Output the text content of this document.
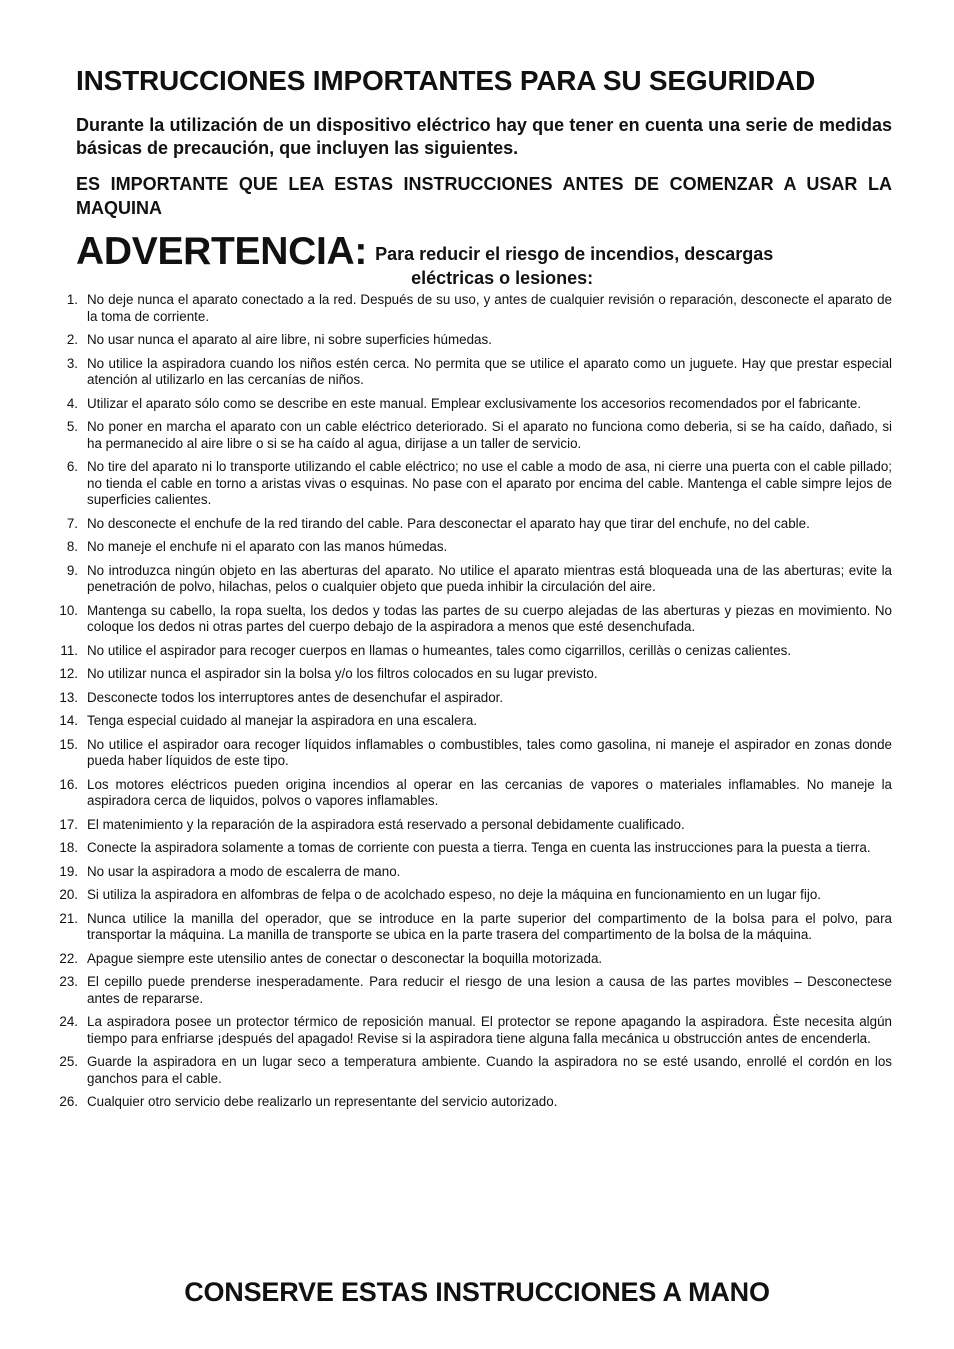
INSTRUCCIONES IMPORTANTES PARA SU SEGURIDAD

Durante la utilización de un dispositivo eléctrico hay que tener en cuenta una serie de medidas básicas de precaución, que incluyen las siguientes.

ES IMPORTANTE QUE LEA ESTAS INSTRUCCIONES ANTES DE COMENZAR A USAR LA MAQUINA

ADVERTENCIA: Para reducir el riesgo de incendios, descargas
eléctricas o lesiones:
1. No deje nunca el aparato conectado a la red. Después de su uso, y antes de cualquier revisión o reparación, desconecte el aparato de la toma de corriente.
2. No usar nunca el aparato al aire libre, ni sobre superficies húmedas.
3. No utilice la aspiradora cuando los niños estén cerca. No permita que se utilice el aparato como un juguete. Hay que prestar especial atención al utilizarlo en las cercanías de niños.
4. Utilizar el aparato sólo como se describe en este manual. Emplear exclusivamente los accesorios recomendados por el fabricante.
5. No poner en marcha el aparato con un cable eléctrico deteriorado. Si el aparato no funciona como deberia, si se ha caído, dañado, si ha permanecido al aire libre o si se ha caído al agua, dirijase a un taller de servicio.
6. No tire del aparato ni lo transporte utilizando el cable eléctrico; no use el cable a modo de asa, ni cierre una puerta con el cable pillado; no tienda el cable en torno a aristas vivas o esquinas. No pase con el aparato por encima del cable. Mantenga el cable simpre lejos de superficies calientes.
7. No desconecte el enchufe de la red tirando del cable. Para desconectar el aparato hay que tirar del enchufe, no del cable.
8. No maneje el enchufe ni el aparato con las manos húmedas.
9. No introduzca ningún objeto en las aberturas del aparato. No utilice el aparato mientras está bloqueada una de las aberturas; evite la penetración de polvo, hilachas, pelos o cualquier objeto que pueda inhibir la circulación del aire.
10. Mantenga su cabello, la ropa suelta, los dedos y todas las partes de su cuerpo alejadas de las aberturas y piezas en movimiento. No coloque los dedos ni otras partes del cuerpo debajo de la aspiradora a menos que esté desenchufada.
11. No utilice el aspirador para recoger cuerpos en llamas o humeantes, tales como cigarrillos, cerillàs o cenizas calientes.
12. No utilizar nunca el aspirador sin la bolsa y/o los filtros colocados en su lugar previsto.
13. Desconecte todos los interruptores antes de desenchufar el aspirador.
14. Tenga especial cuidado al manejar la aspiradora en una escalera.
15. No utilice el aspirador oara recoger líquidos inflamables o combustibles, tales como gasolina, ni maneje el aspirador en zonas donde pueda haber líquidos de este tipo.
16. Los motores eléctricos pueden origina incendios al operar en las cercanias de vapores o materiales inflamables. No maneje la aspiradora cerca de liquidos, polvos o vapores inflamables.
17. El matenimiento y la reparación de la aspiradora está reservado a personal debidamente cualificado.
18. Conecte la aspiradora solamente a tomas de corriente con puesta a tierra. Tenga en cuenta las instrucciones para la puesta a tierra.
19. No usar la aspiradora a modo de escalerra de mano.
20. Si utiliza la aspiradora en alfombras de felpa o de acolchado espeso, no deje la máquina en funcionamiento en un lugar fijo.
21. Nunca utilice la manilla del operador, que se introduce en la parte superior del compartimento de la bolsa para el polvo, para transportar la máquina. La manilla de transporte se ubica en la parte trasera del compartimento de la bolsa de la máquina.
22. Apague siempre este utensilio antes de conectar o desconectar la boquilla motorizada.
23. El cepillo puede prenderse inesperadamente. Para reducir el riesgo de una lesion a causa de las partes movibles – Desconectese antes de repararse.
24. La aspiradora posee un protector térmico de reposición manual. El protector se repone apagando la aspiradora. Èste necesita algún tiempo para enfriarse ¡después del apagado! Revise si la aspiradora tiene alguna falla mecánica u obstrucción antes de encenderla.
25. Guarde la aspiradora en un lugar seco a temperatura ambiente. Cuando la aspiradora no se esté usando, enrollé el cordón en los ganchos para el cable.
26. Cualquier otro servicio debe realizarlo un representante del servicio autorizado.
CONSERVE ESTAS INSTRUCCIONES A MANO
